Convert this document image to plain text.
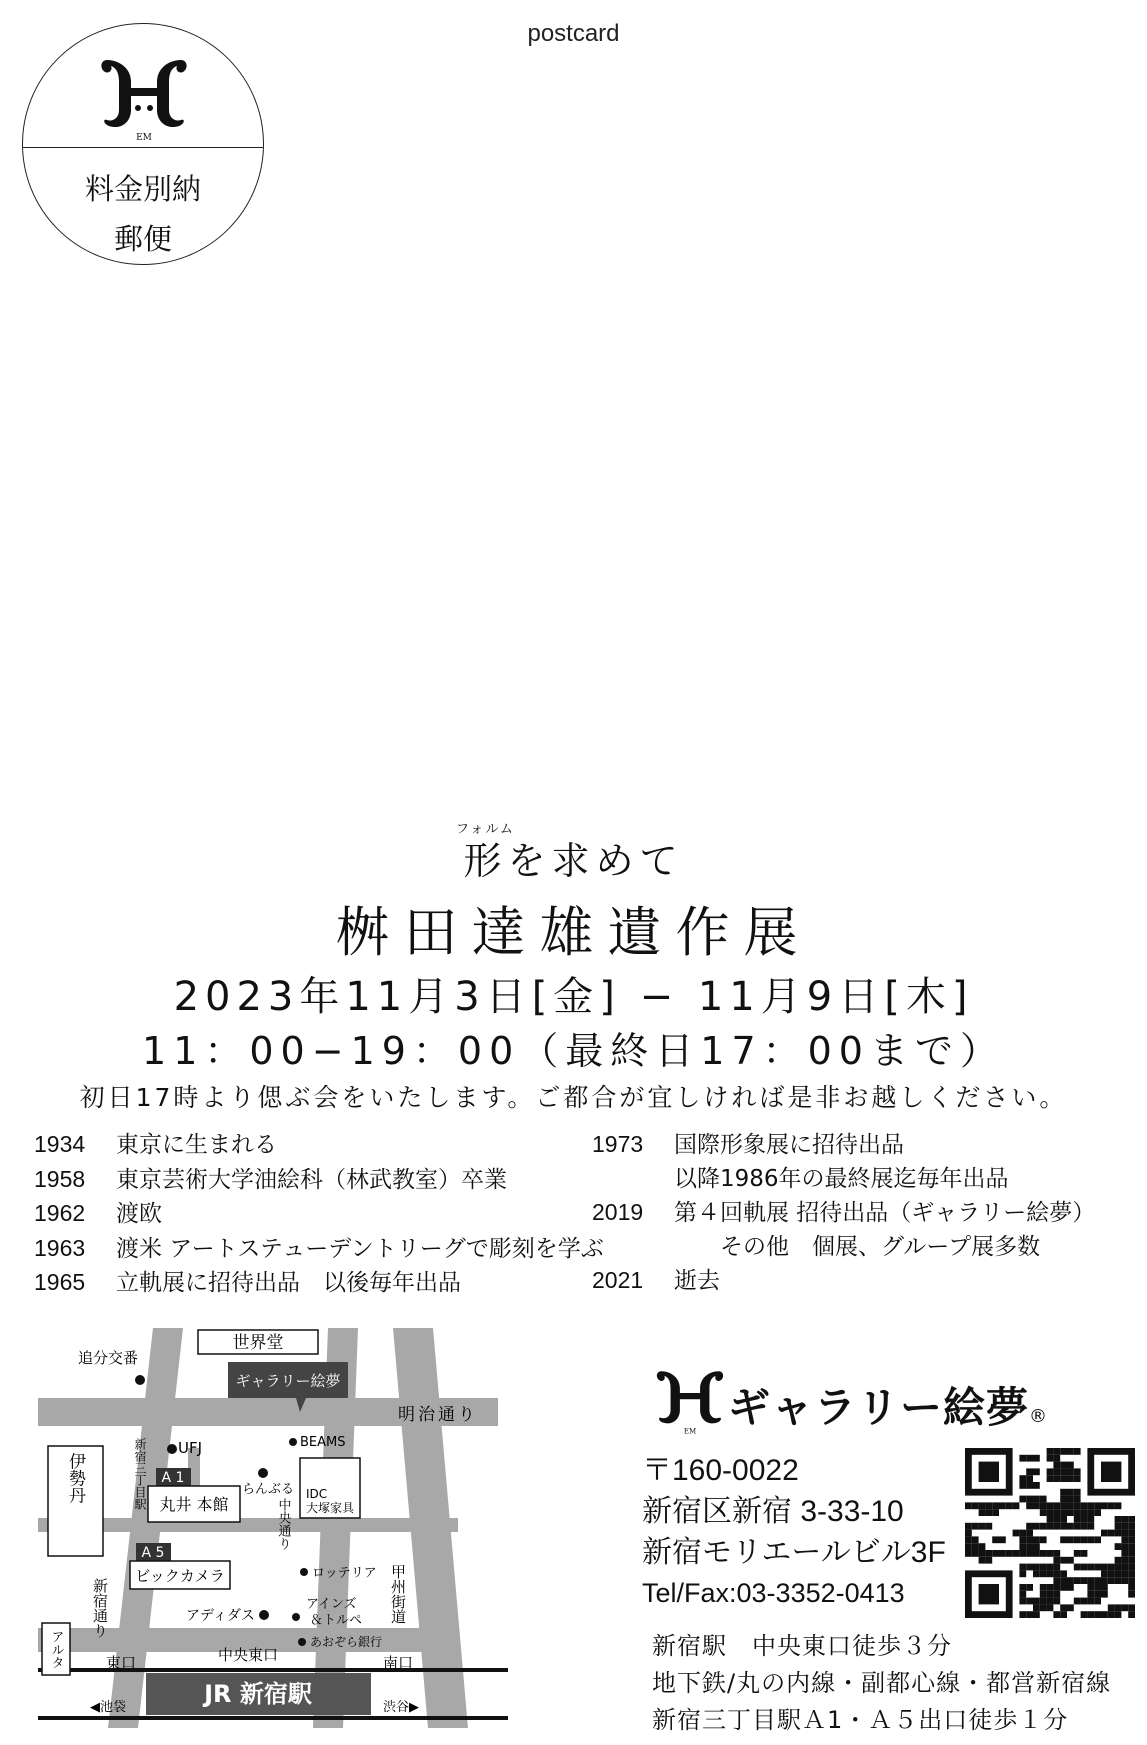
postcard
EM
料金別納
郵便
フォルム
形を求めて
桝田達雄遺作展
2023年11月3日[金] − 11月9日[木]
11：00−19：00（最終日17：00まで）
初日17時より偲ぶ会をいたします。ご都合が宜しければ是非お越しください。
1934 東京に生まれる
1958 東京芸術大学油絵科（林武教室）卒業
1962 渡欧
1963 渡米 アートステューデントリーグで彫刻を学ぶ
1965 立軌展に招待出品　以後毎年出品
1973 国際形象展に招待出品
以降1986年の最終展迄毎年出品
2019 第４回軌展 招待出品（ギャラリー絵夢）
　　その他　個展、グループ展多数
2021 逝去
JR 新宿駅
世界堂
追分交番
ギャラリー絵夢
明治通り
伊勢丹	新宿三丁目駅 UFJ	BEAMS
A 1
丸井 本館
らんぶる
中央通り
IDC
大塚家具
A 5
ビックカメラ	ロッテリア 甲州街道
新宿通り	アディダス
アインズ
＆トルペ
あおぞら銀行
アルタ	東口	中央東口	南口
◀池袋	渋谷▶
EM ギャラリー絵夢®
〒160-0022
新宿区新宿 3-33-10
新宿モリエールビル3F
Tel/Fax:03-3352-0413
新宿駅　中央東口徒歩３分
地下鉄/丸の内線・副都心線・都営新宿線
新宿三丁目駅Ａ1・Ａ５出口徒歩１分
